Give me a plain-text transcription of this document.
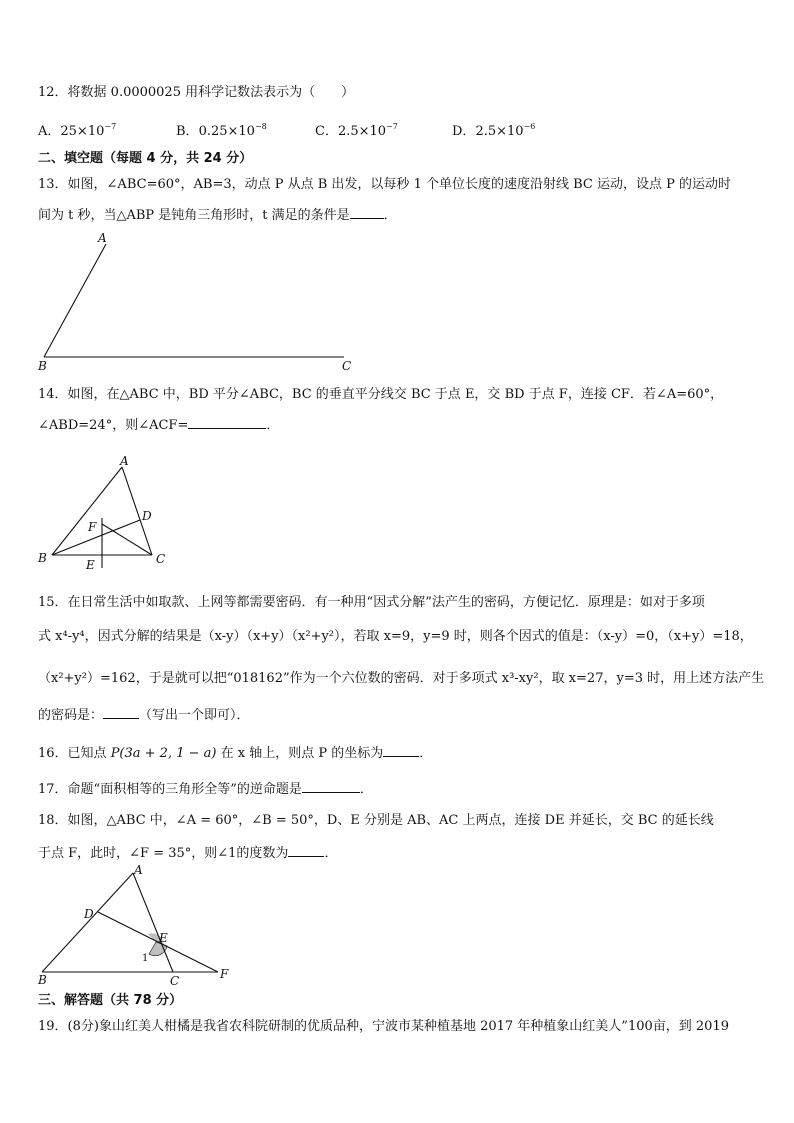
12．将数据 0.0000025 用科学记数法表示为（　　）
A．$25\times 10^{-7}$	B．$0.25\times 10^{-8}$	C．$2.5\times 10^{-7}$	D．$2.5\times 10^{-6}$
二、填空题（每题 4 分，共 24 分）
13．如图，∠ABC=60°，AB=3，动点 P 从点 B 出发，以每秒 1 个单位长度的速度沿射线 BC 运动，设点 P 的运动时
间为 t 秒，当△ABP 是钝角三角形时，t 满足的条件是	．
A
B	C
14．如图，在△ABC 中，BD 平分∠ABC，BC 的垂直平分线交 BC 于点 E，交 BD 于点 F，连接 CF．若∠A=60°，
∠ABD=24°，则∠ACF=	．
A
B	C
D
F
E
15．在日常生活中如取款、上网等都需要密码．有一种用“因式分解”法产生的密码，方便记忆．原理是：如对于多项
式 x⁴-y⁴，因式分解的结果是（x-y）（x+y）（x²+y²），若取 x=9，y=9 时，则各个因式的值是：（x-y）=0，（x+y）=18，
（x²+y²）=162，于是就可以把“018162”作为一个六位数的密码．对于多项式 x³-xy²，取 x=27，y=3 时，用上述方法产生
的密码是：	（写出一个即可）．
16．已知点 P(3a + 2, 1 − a) 在 x 轴上，则点 P 的坐标为	．
17．命题“面积相等的三角形全等”的逆命题是	．
18．如图，△ABC 中，∠A = 60°，∠B = 50°，D、E 分别是 AB、AC 上两点，连接 DE 并延长，交 BC 的延长线
于点 F，此时，∠F = 35°，则∠1的度数为	．
A
B	C
D
E
F
1
三、解答题（共 78 分）
19．(8分)象山红美人柑橘是我省农科院研制的优质品种，宁波市某种植基地 2017 年种植象山红美人”100亩，到 2019
